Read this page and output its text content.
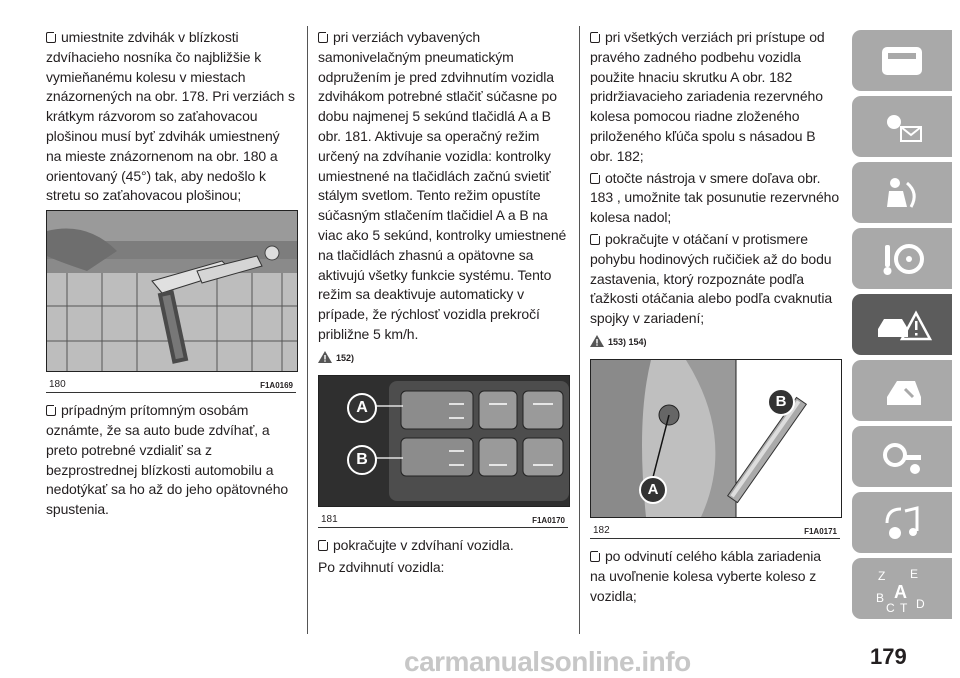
umiestnite zdvihák v blízkosti zdvíhacieho nosníka čo najbližšie k vymieňanému kolesu v miestach znázornených na obr. 178. Pri verziách s krátkym rázvorom so zaťahovacou plošinou musí byť zdvihák umiestnený na mieste znázornenom na obr. 180 a orientovaný (45°) tak, aby nedošlo k stretu so zaťahovacou plošinou;

180	F1A0169

prípadným prítomným osobám oznámte, že sa auto bude zdvíhať, a preto potrebné vzdialiť sa z bezprostrednej blízkosti automobilu a nedotýkať sa ho až do jeho opätovného spustenia.

pri verziách vybavených samonivelačným pneumatickým odpružením je pred zdvihnutím vozidla zdvihákom potrebné stlačiť súčasne po dobu najmenej 5 sekúnd tlačidlá A a B obr. 181. Aktivuje sa operačný režim určený na zdvíhanie vozidla: kontrolky umiestnené na tlačidlách začnú svietiť stálym svetlom. Tento režim opustíte súčasným stlačením tlačidiel A a B na viac ako 5 sekúnd, kontrolky umiestnené na tlačidlách zhasnú a opätovne sa aktivujú všetky funkcie systému. Tento režim sa deaktivuje automaticky v prípade, že rýchlosť vozidla prekročí približne 5 km/h.

152)
A
B
181	F1A0170

pokračujte v zdvíhaní vozidla.

Po zdvihnutí vozidla:

pri všetkých verziách pri prístupe od pravého zadného podbehu vozidla použite hnaciu skrutku A obr. 182 pridržiavacieho zariadenia rezervného kolesa pomocou riadne zloženého priloženého kľúča spolu s násadou B obr. 182;

otočte nástroja v smere doľava obr. 183 , umožnite tak posunutie rezervného kolesa nadol;

pokračujte v otáčaní v protismere pohybu hodinových ručičiek až do bodu zastavenia, ktorý rozpoznáte podľa ťažkosti otáčania alebo podľa cvaknutia spojky v zariadení;

153) 154)
B
A
182	F1A0171

po odvinutí celého kábla zariadenia na uvoľnenie kolesa vyberte koleso z vozidla;

Z E
A
B
C T D
179
carmanualsonline.info
